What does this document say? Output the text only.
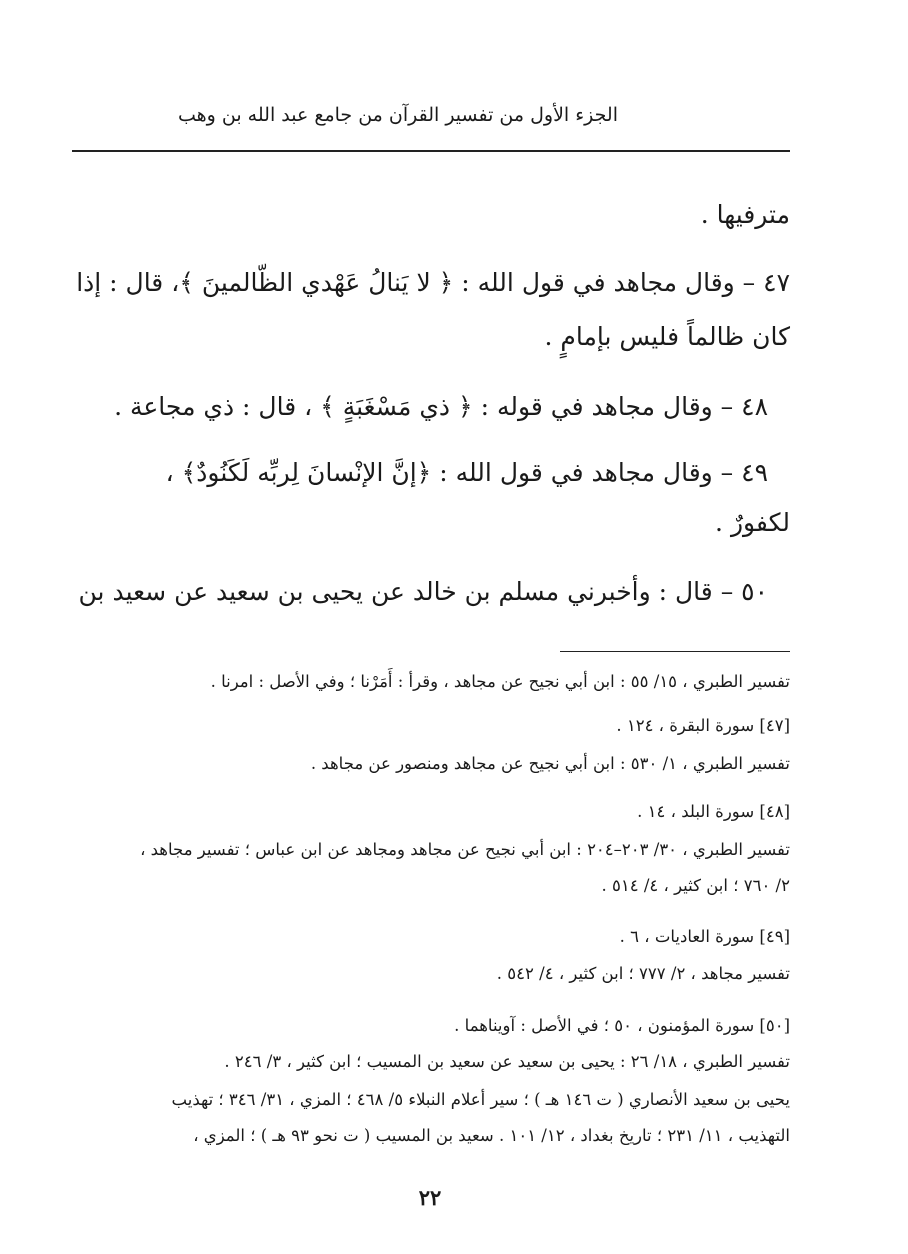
الجزء الأول من تفسير القرآن من جامع عبد الله بن وهب
مترفيها .
٤٧ – وقال مجاهد في قول الله : ﴿ لا يَنالُ عَهْدي الظّالمينَ ﴾، قال : إذا
كان ظالماً فليس بإمامٍ .
٤٨ – وقال مجاهد في قوله : ﴿ ذي مَسْغَبَةٍ ﴾ ، قال : ذي مجاعة .
٤٩ – وقال مجاهد في قول الله : ﴿إنَّ الإنْسانَ لِربِّه لَكَنُودٌ﴾ ،
لكفورٌ .
٥٠ – قال : وأخبرني مسلم بن خالد عن يحيى بن سعيد عن سعيد بن
تفسير الطبري ، ١٥/ ٥٥ : ابن أبي نجيح عن مجاهد ، وقرأ : أَمَرْنا ؛ وفي الأصل : امرنا .
[٤٧] سورة البقرة ، ١٢٤ .
تفسير الطبري ، ١/ ٥٣٠ : ابن أبي نجيح عن مجاهد ومنصور عن مجاهد .
[٤٨] سورة البلد ، ١٤ .
تفسير الطبري ، ٣٠/ ٢٠٣–٢٠٤ : ابن أبي نجيح عن مجاهد ومجاهد عن ابن عباس ؛ تفسير مجاهد ،
٢/ ٧٦٠ ؛ ابن كثير ، ٤/ ٥١٤ .
[٤٩] سورة العاديات ، ٦ .
تفسير مجاهد ، ٢/ ٧٧٧ ؛ ابن كثير ، ٤/ ٥٤٢ .
[٥٠] سورة المؤمنون ، ٥٠ ؛ في الأصل : آويناهما .
تفسير الطبري ، ١٨/ ٢٦ : يحيى بن سعيد عن سعيد بن المسيب ؛ ابن كثير ، ٣/ ٢٤٦ .
يحيى بن سعيد الأنصاري ( ت ١٤٦ هـ ) ؛ سير أعلام النبلاء ٥/ ٤٦٨ ؛ المزي ، ٣١/ ٣٤٦ ؛ تهذيب
التهذيب ، ١١/ ٢٣١ ؛ تاريخ بغداد ، ١٢/ ١٠١ . سعيد بن المسيب ( ت نحو ٩٣ هـ ) ؛ المزي ،
٢٢
